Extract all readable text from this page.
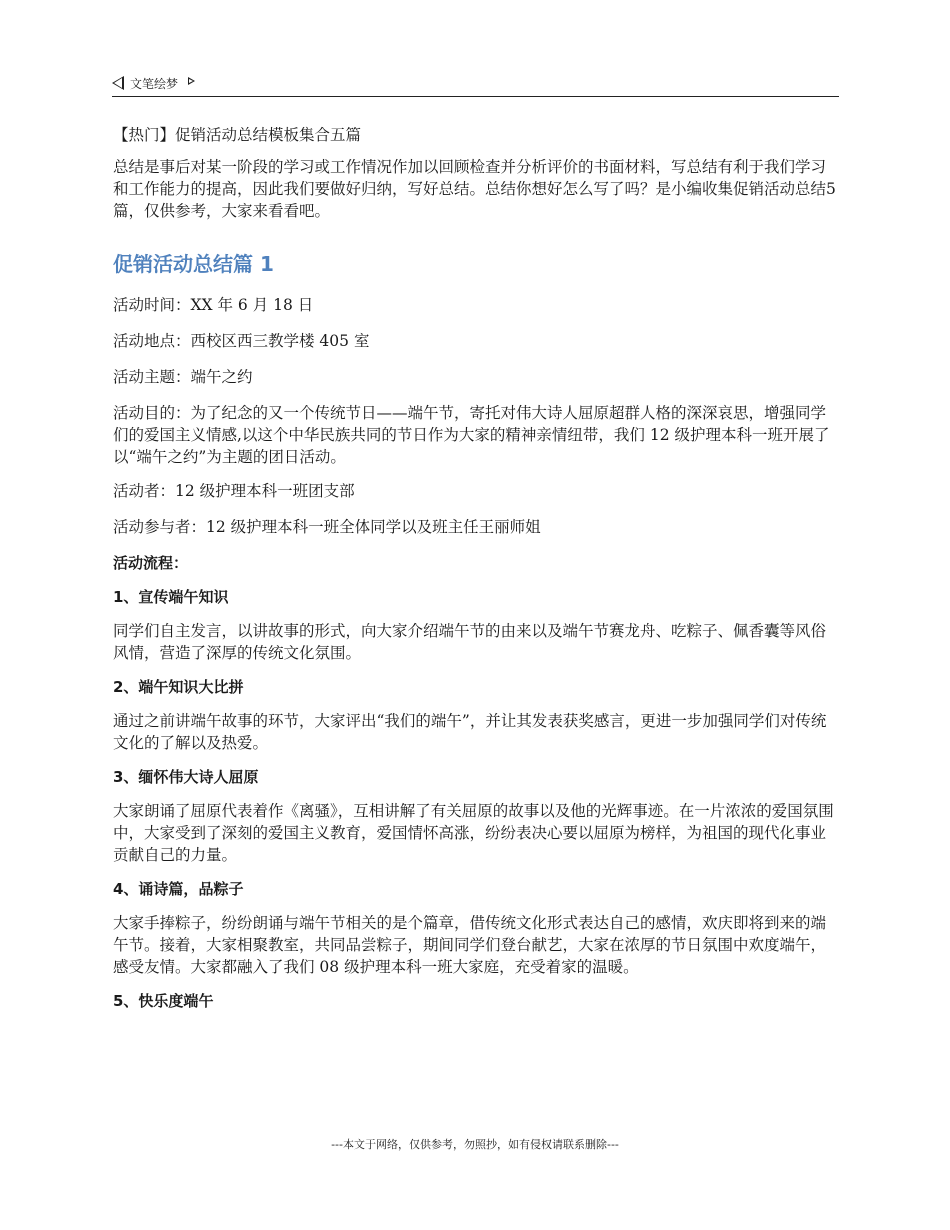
文笔绘梦

【热门】促销活动总结模板集合五篇

总结是事后对某一阶段的学习或工作情况作加以回顾检查并分析评价的书面材料，写总结有利于我们学习和工作能力的提高，因此我们要做好归纳，写好总结。总结你想好怎么写了吗？是小编收集促销活动总结5篇，仅供参考，大家来看看吧。

促销活动总结篇 1

活动时间：XX 年 6 月 18 日

活动地点：西校区西三教学楼 405 室

活动主题：端午之约

活动目的：为了纪念的又一个传统节日——端午节，寄托对伟大诗人屈原超群人格的深深哀思，增强同学们的爱国主义情感,以这个中华民族共同的节日作为大家的精神亲情纽带，我们 12 级护理本科一班开展了以“端午之约”为主题的团日活动。

活动者：12 级护理本科一班团支部

活动参与者：12 级护理本科一班全体同学以及班主任王丽师姐

活动流程：

1、宣传端午知识

同学们自主发言，以讲故事的形式，向大家介绍端午节的由来以及端午节赛龙舟、吃粽子、佩香囊等风俗风情，营造了深厚的传统文化氛围。

2、端午知识大比拼

通过之前讲端午故事的环节，大家评出“我们的端午”，并让其发表获奖感言，更进一步加强同学们对传统文化的了解以及热爱。

3、缅怀伟大诗人屈原

大家朗诵了屈原代表着作《离骚》，互相讲解了有关屈原的故事以及他的光辉事迹。在一片浓浓的爱国氛围中，大家受到了深刻的爱国主义教育，爱国情怀高涨，纷纷表决心要以屈原为榜样，为祖国的现代化事业贡献自己的力量。

4、诵诗篇，品粽子

大家手捧粽子，纷纷朗诵与端午节相关的是个篇章，借传统文化形式表达自己的感情，欢庆即将到来的端午节。接着，大家相聚教室，共同品尝粽子，期间同学们登台献艺，大家在浓厚的节日氛围中欢度端午，感受友情。大家都融入了我们 08 级护理本科一班大家庭，充受着家的温暖。

5、快乐度端午

---本文于网络，仅供参考，勿照抄，如有侵权请联系删除---
